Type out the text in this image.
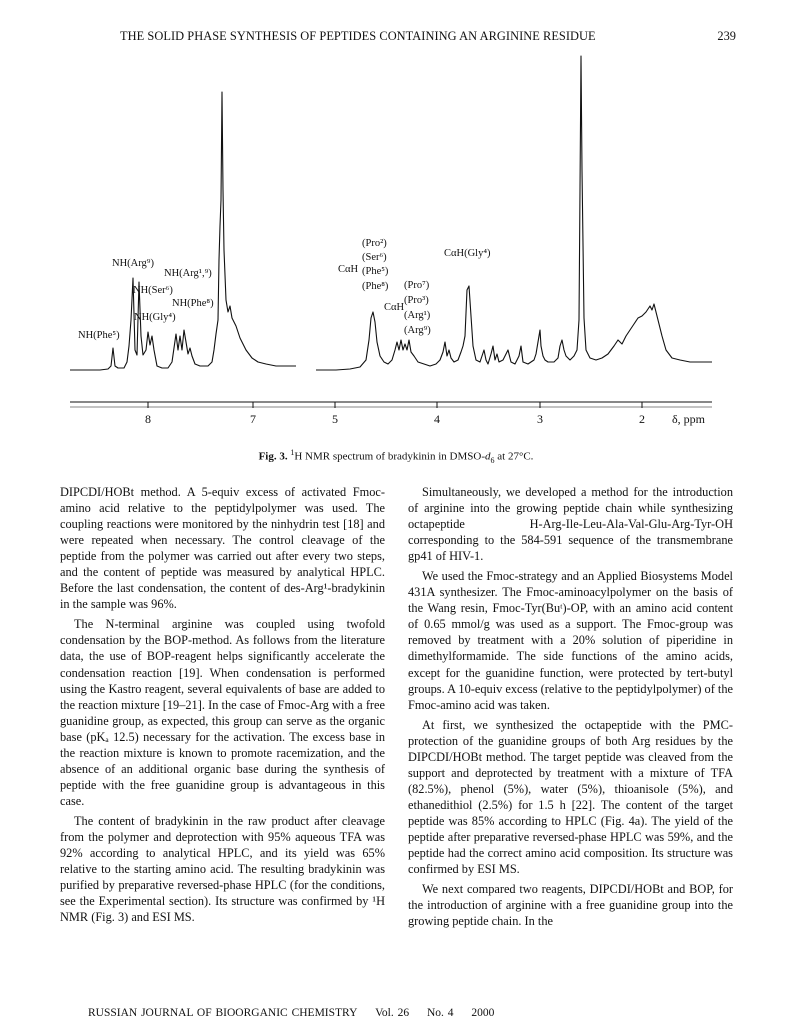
THE SOLID PHASE SYNTHESIS OF PEPTIDES CONTAINING AN ARGININE RESIDUE	239
8	7	5	4	3	2 δ, ppm
NH(Arg⁹)
NH(Arg¹,⁹)
NH(Ser⁶)
NH(Phe⁸)
NH(Gly⁴)
NH(Phe⁵)
CαH
(Pro²)
(Ser⁶)
(Phe⁵)
(Phe⁸)
CαH
(Pro⁷)
(Pro³)
(Arg¹)
(Arg⁹)
CαH(Gly⁴)
Fig. 3. $^1$H NMR spectrum of bradykinin in DMSO-$d_6$ at 27°C.

DIPCDI/HOBt method. A 5-equiv excess of activated Fmoc-amino acid relative to the peptidylpolymer was used. The coupling reactions were monitored by the ninhydrin test [18] and were repeated when necessary. The control cleavage of the peptide from the polymer was carried out after every two steps, and the content of peptide was measured by analytical HPLC. Before the last condensation, the content of des-Arg¹-bradykinin in the sample was 96%.

The N-terminal arginine was coupled using twofold condensation by the BOP-method. As follows from the literature data, the use of BOP-reagent helps significantly accelerate the condensation reaction [19]. When condensation is performed using the Kastro reagent, several equivalents of base are added to the reaction mixture [19–21]. In the case of Fmoc-Arg with a free guanidine group, as expected, this group can serve as the organic base (pKₐ 12.5) necessary for the activation. The excess base in the reaction mixture is known to promote racemization, and the absence of an additional organic base during the synthesis of peptide with the free guanidine group is advantageous in this case.

The content of bradykinin in the raw product after cleavage from the polymer and deprotection with 95% aqueous TFA was 92% according to analytical HPLC, and its yield was 65% relative to the starting amino acid. The resulting bradykinin was purified by preparative reversed-phase HPLC (for the conditions, see the Experimental section). Its structure was confirmed by ¹H NMR (Fig. 3) and ESI MS.

Simultaneously, we developed a method for the introduction of arginine into the growing peptide chain while synthesizing octapeptide H-Arg-Ile-Leu-Ala-Val-Glu-Arg-Tyr-OH corresponding to the 584-591 sequence of the transmembrane gp41 of HIV-1.

We used the Fmoc-strategy and an Applied Biosystems Model 431A synthesizer. The Fmoc-aminoacylpolymer on the basis of the Wang resin, Fmoc-Tyr(Buᵗ)-OP, with an amino acid content of 0.65 mmol/g was used as a support. The Fmoc-group was removed by treatment with a 20% solution of piperidine in dimethylformamide. The side functions of the amino acids, except for the guanidine function, were protected by tert-butyl groups. A 10-equiv excess (relative to the peptidylpolymer) of the Fmoc-amino acid was taken.

At first, we synthesized the octapeptide with the PMC-protection of the guanidine groups of both Arg residues by the DIPCDI/HOBt method. The target peptide was cleaved from the support and deprotected by treatment with a mixture of TFA (82.5%), phenol (5%), water (5%), thioanisole (5%), and ethanedithiol (2.5%) for 1.5 h [22]. The content of the target peptide was 85% according to HPLC (Fig. 4a). The yield of the peptide after preparative reversed-phase HPLC was 59%, and the peptide had the correct amino acid composition. Its structure was confirmed by ESI MS.

We next compared two reagents, DIPCDI/HOBt and BOP, for the introduction of arginine with a free guanidine group into the growing peptide chain. In the

RUSSIAN JOURNAL OF BIOORGANIC CHEMISTRY Vol. 26 No. 4 2000
